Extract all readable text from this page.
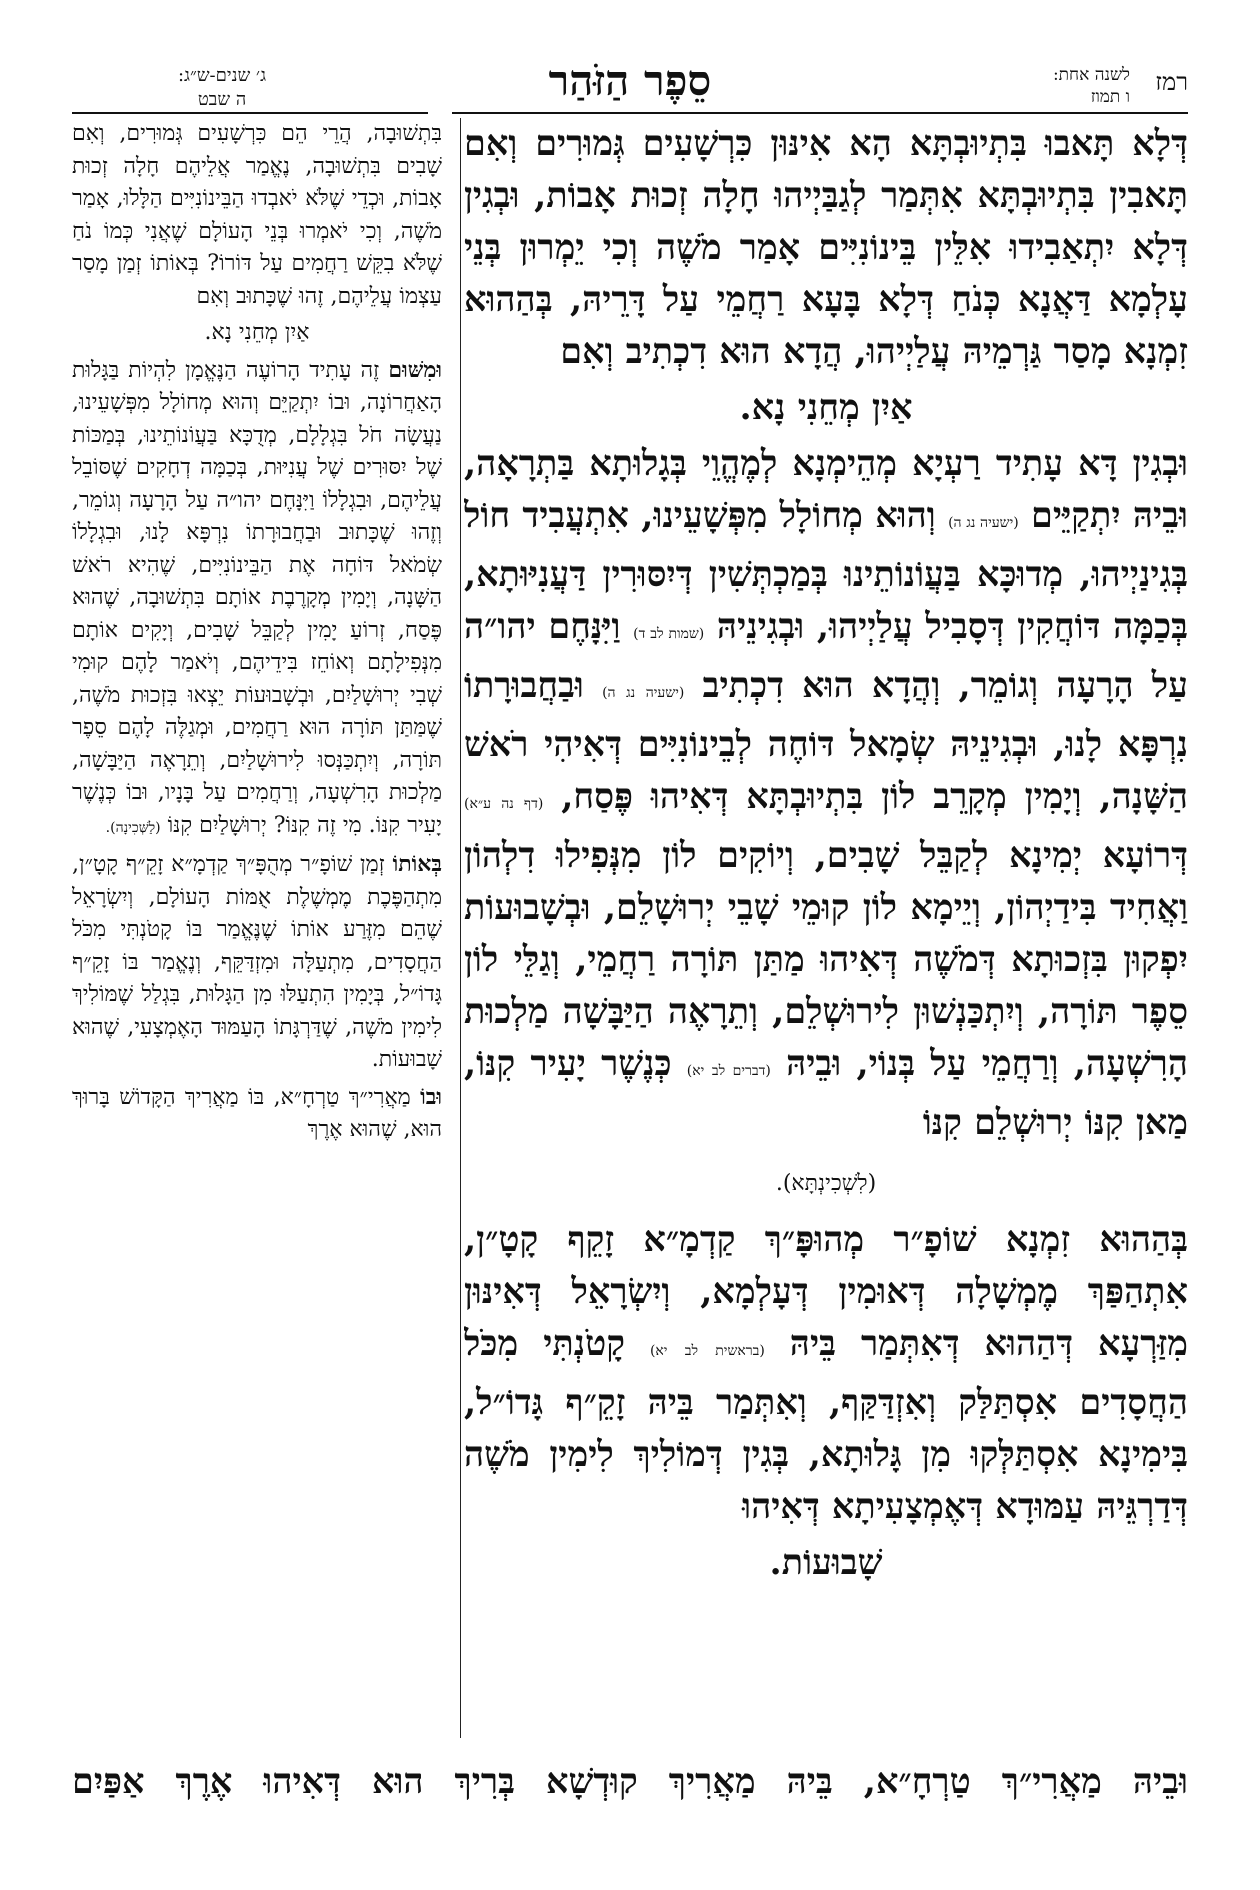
רמז
לשנה אחת:
ו תמוז
סֵפֶר הַזֹּהַר
ג׳ שנים-ש״ג:
ה שבט

דְּלָא תָּאבוּ בִּתְיוּבְתָּא הָא אִינּוּן כִּרְשָׁעִים גְּמוּרִים וְאִם תָּאבִין בִּתְיוּבְתָּא אִתְּמַר לְגַבַּיְיהוּ חָלָה זְכוּת אָבוֹת, וּבְגִין דְּלָא יִתְאַבִידוּ אִלֵּין בֵּינוֹנִיִּים אָמַר מֹשֶׁה וְכִי יֵמְרוּן בְּנֵי עָלְמָא דַּאֲנָא כְּנֹחַ דְּלָא בָּעָא רַחֲמֵי עַל דָּרֵיהּ, בְּהַהוּא זִמְנָא מָסַר גַּרְמֵיהּ עֲלַיְיהוּ, הֲדָא הוּא דִכְתִיב וְאִם

אַיִן מְחֵנִי נָא.

וּבְגִין דָּא עָתִיד רַעְיָא מְהֵימְנָא לְמֶהֱוֵי בְּגָלוּתָא בַּתְרָאָה, וּבֵיהּ יִתְקַיֵּים (ישעיה נג ה) וְהוּא מְחוֹלָל מִפְּשָׁעֵינוּ, אִתְעֲבִיד חוֹל בְּגִינַיְיהוּ, מְדוּכָּא בַּעֲוֹנוֹתֵינוּ בְּמַכְתְּשִׁין דְּיִסּוּרִין דַּעֲנִיּוּתָא, בְּכַמָּה דּוֹחֲקִין דְּסָבִיל עֲלַיְיהוּ, וּבְגִינֵיהּ (שמות לב ד) וַיִּנָּחֶם יהו״ה עַל הָרָעָה וְגוֹמֵר, וְהֲדָא הוּא דִכְתִיב (ישעיה נג ה) וּבַחֲבוּרָתוֹ נִרְפָּא לָנוּ, וּבְגִינֵיהּ שְׂמָאל דּוֹחֶה לְבֵינוֹנִיִּים דְּאִיהִי רֹאשׁ הַשָּׁנָה, וְיָמִין מְקָרֵב לוֹן בִּתְיוּבְתָּא דְּאִיהוּ פֶּסַח, (דף נה ע״א) דְּרוֹעָא יְמִינָא לְקַבֵּל שָׁבִים, וְיוֹקִים לוֹן מִנְּפִילוּ דִלְהוֹן וַאֲחִיד בִּידַיְהוֹן, וְיֵימָא לוֹן קוּמֵי שָׁבֵי יְרוּשָׁלֵם, וּבְשָׁבוּעוֹת יִפְקוּן בִּזְכוּתָא דְּמֹשֶׁה דְּאִיהוּ מַתַּן תּוֹרָה רַחֲמֵי, וְגַלֵּי לוֹן סֵפֶר תּוֹרָה, וְיִתְכַּנְשׁוּן לִירוּשְׁלֵם, וְתֵרָאֶה הַיַּבָּשָׁה מַלְכוּת הָרִשְׁעָה, וְרַחֲמֵי עַל בְּנוֹי, וּבֵיהּ (דברים לב יא) כְּנֶשֶׁר יָעִיר קִנּוֹ, מַאן קִנּוֹ יְרוּשְׁלֵם קִנּוֹ

(לִשְׁכִינְתָּא).

בְּהַהוּא זִמְנָא שׁוֹפָ״ר מְהוּפָּ״ךְ קַדְמָ״א זָקֵף קָטָ״ן, אִתְהַפַּךְ מֶמְשָׁלָה דְּאוּמִין דְּעָלְמָא, וְיִשְׂרָאֵל דְּאִינּוּן מִזַּרְעָא דְּהַהוּא דְּאִתְּמַר בֵּיהּ (בראשית לב יא) קָטֹנְתִּי מִכֹּל הַחֲסָדִים אִסְתַּלַּק וְאִזְדַּקַּף, וְאִתְּמַר בֵּיהּ זָקֵ״ף גָּדוֹ״ל, בִּימִינָא אִסְתַּלְּקוּ מִן גָּלוּתָא, בְּגִין דְּמוֹלִיךְ לִימִין מֹשֶׁה דְּדַרְגֵּיהּ עַמּוּדָא דְּאֶמְצָעִיתָא דְּאִיהוּ

שָׁבוּעוֹת.

בִּתְשׁוּבָה, הֲרֵי הֵם כִּרְשָׁעִים גְּמוּרִים, וְאִם שָׁבִים בִּתְשׁוּבָה, נֶאֱמַר אֲלֵיהֶם חָלָה זְכוּת אָבוֹת, וּכְדֵי שֶׁלֹּא יֹאבְדוּ הַבֵּינוֹנִיִּים הַלָּלוּ, אָמַר מֹשֶׁה, וְכִי יֹאמְרוּ בְּנֵי הָעוֹלָם שֶׁאֲנִי כְּמוֹ נֹחַ שֶׁלֹּא בִקֵּשׁ רַחֲמִים עַל דּוֹרוֹ? בְּאוֹתוֹ זְמַן מָסַר עַצְמוֹ עֲלֵיהֶם, זֶהוּ שֶׁכָּתוּב וְאִם

אַיִן מְחֵנִי נָא.

וּמִשּׁוּם זֶה עָתִיד הָרוֹעֶה הַנֶּאֱמָן לִהְיוֹת בַּגָּלוּת הָאַחֲרוֹנָה, וּבוֹ יִתְקַיֵּם וְהוּא מְחוֹלָל מִפְּשָׁעֵינוּ, נַעֲשָׂה חֹל בִּגְלָלָם, מְדֻכָּא בַּעֲוֹנוֹתֵינוּ, בְּמַכּוֹת שֶׁל יִסּוּרִים שֶׁל עֲנִיּוּת, בְּכַמָּה דְחָקִים שֶׁסּוֹבֵל עֲלֵיהֶם, וּבִגְלָלוֹ וַיִּנָּחֶם יהו״ה עַל הָרָעָה וְגוֹמֵר, וְזֶהוּ שֶׁכָּתוּב וּבַחֲבוּרָתוֹ נִרְפָּא לָנוּ, וּבִגְלָלוֹ שְׂמֹאל דּוֹחָה אֶת הַבֵּינוֹנִיִּים, שֶׁהִיא רֹאשׁ הַשָּׁנָה, וְיָמִין מְקָרֶבֶת אוֹתָם בִּתְשׁוּבָה, שֶׁהוּא פֶּסַח, זְרוֹעַ יָמִין לְקַבֵּל שָׁבִים, וְיָקִים אוֹתָם מִנְּפִילָתָם וְאוֹחֵז בִּידֵיהֶם, וְיֹאמַר לָהֶם קוּמִי שְׁבִי יְרוּשָׁלַיִם, וּבְשָׁבוּעוֹת יֵצְאוּ בִּזְכוּת מֹשֶׁה, שֶׁמַּתַּן תּוֹרָה הוּא רַחֲמִים, וּמְגַלֶּה לָהֶם סֵפֶר תּוֹרָה, וְיִתְכַּנְּסוּ לִירוּשָׁלַיִם, וְתֵרָאֶה הַיַּבָּשָׁה, מַלְכוּת הָרִשְׁעָה, וְרַחֲמִים עַל בָּנָיו, וּבוֹ כְּנֶשֶׁר יָעִיר קִנּוֹ. מִי זֶה קִנּוֹ? יְרוּשָׁלַיִם קִנּוֹ (לַשְּׁכִינָה).

בְּאוֹתוֹ זְמַן שׁוֹפָ״ר מְהֻפָּ״ךְ קַדְמָ״א זָקֵ״ף קָטָ״ן, מִתְהַפֶּכֶת מֶמְשֶׁלֶת אֻמּוֹת הָעוֹלָם, וְיִשְׂרָאֵל שֶׁהֵם מִזֶּרַע אוֹתוֹ שֶׁנֶּאֱמַר בּוֹ קָטֹנְתִּי מִכֹּל הַחֲסָדִים, מִתְעַלָּה וּמִזְדַּקֵּף, וְנֶאֱמַר בּוֹ זָקֵ״ף גָּדוֹ״ל, בְּיָמִין הִתְעַלּוּ מִן הַגָּלוּת, בִּגְלַל שֶׁמּוֹלִיךְ לִימִין מֹשֶׁה, שֶׁדַּרְגָּתוֹ הָעַמּוּד הָאֶמְצָעִי, שֶׁהוּא שָׁבוּעוֹת.

וּבוֹ מַאֲרִי״ךְ טַרְחָ״א, בּוֹ מַאֲרִיךְ הַקָּדוֹשׁ בָּרוּךְ הוּא, שֶׁהוּא אֶרֶךְ

וּבֵיהּ מַאֲרִי״ךְ טַרְחָ״א, בֵּיהּ מַאֲרִיךְ קוּדְשָׁא בְּרִיךְ הוּא דְּאִיהוּ אֶרֶךְ אַפַּיִם
